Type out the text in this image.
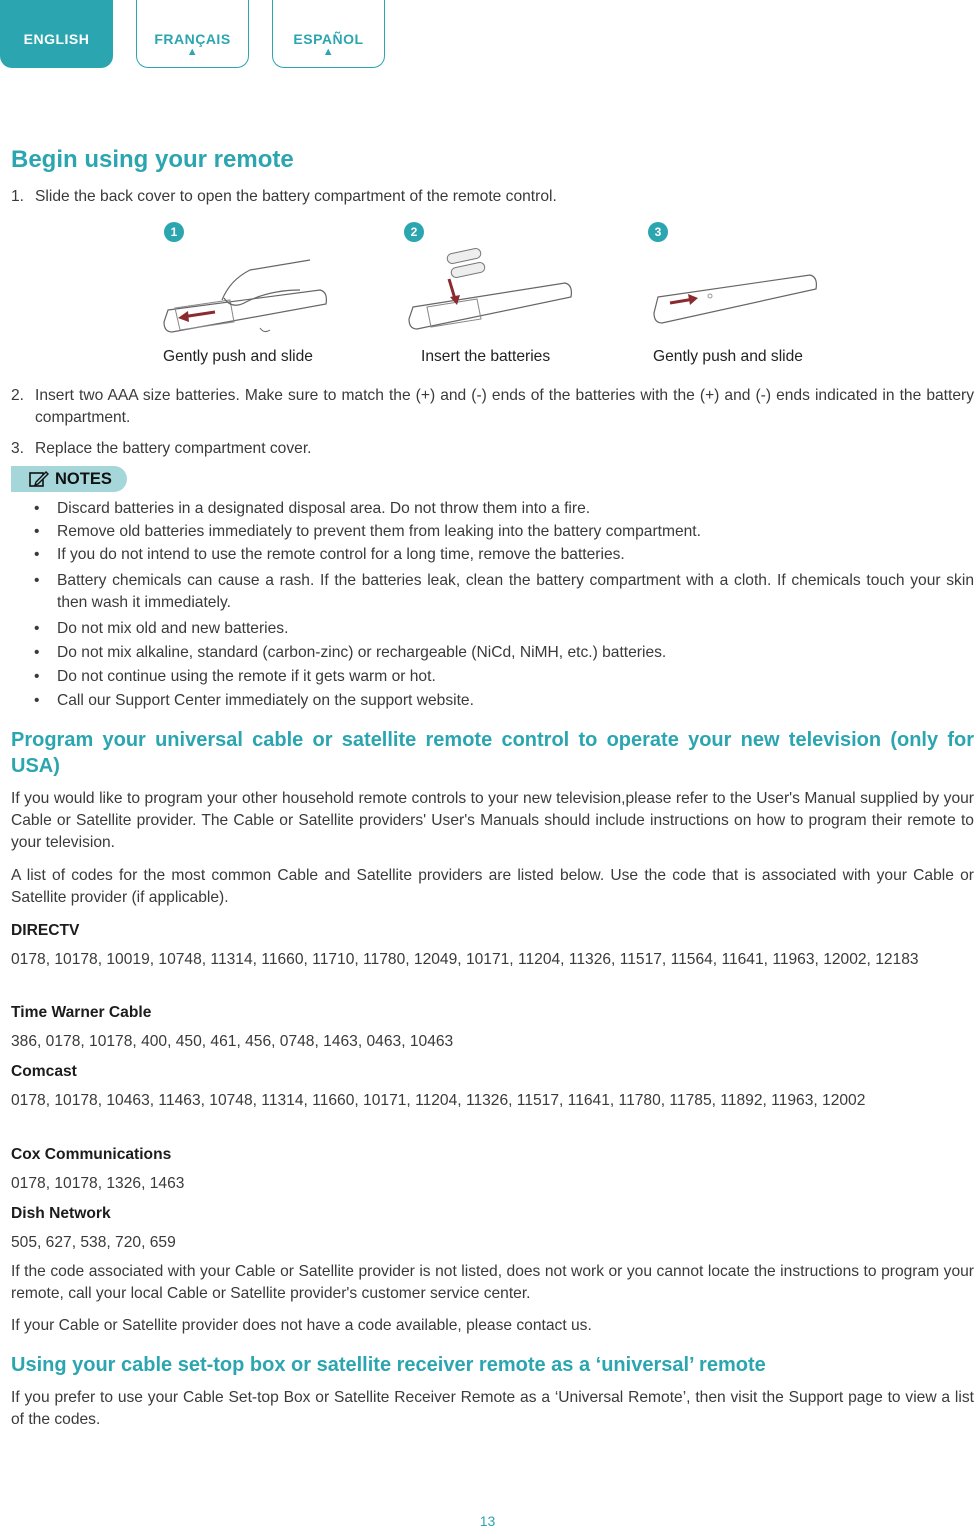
ENGLISH	FRANÇAIS
▲
ESPAÑOL
▲
Begin using your remote
1. Slide the back cover to open the battery compartment of the remote control.

1	2	3
Gently push and slide	Insert the batteries	Gently push and slide
2. Insert two AAA size batteries. Make sure to match the (+) and (-) ends of the batteries with the (+) and (-) ends indicated in the battery compartment.

3. Replace the battery compartment cover.

NOTES
• Discard batteries in a designated disposal area. Do not throw them into a fire.
• Remove old batteries immediately to prevent them from leaking into the battery compartment.
• If you do not intend to use the remote control for a long time, remove the batteries.
• Battery chemicals can cause a rash. If the batteries leak, clean the battery compartment with a cloth. If chemicals touch your skin then wash it immediately.
• Do not mix old and new batteries.
• Do not mix alkaline, standard (carbon-zinc) or rechargeable (NiCd, NiMH, etc.) batteries.
• Do not continue using the remote if it gets warm or hot.
• Call our Support Center immediately on the support website.
Program your universal cable or satellite remote control to operate your new television (only for USA)

If you would like to program your other household remote controls to your new television,please refer to the User's Manual supplied by your Cable or Satellite provider. The Cable or Satellite providers' User's Manuals should include instructions on how to program their remote to your television.

A list of codes for the most common Cable and Satellite providers are listed below. Use the code that is associated with your Cable or Satellite provider (if applicable).

DIRECTV

0178, 10178, 10019, 10748, 11314, 11660, 11710, 11780, 12049, 10171, 11204, 11326, 11517, 11564, 11641, 11963, 12002, 12183

Time Warner Cable

386, 0178, 10178, 400, 450, 461, 456, 0748, 1463, 0463, 10463

Comcast

0178, 10178, 10463, 11463, 10748, 11314, 11660, 10171, 11204, 11326, 11517, 11641, 11780, 11785, 11892, 11963, 12002

Cox Communications

0178, 10178, 1326, 1463

Dish Network

505, 627, 538, 720, 659

If the code associated with your Cable or Satellite provider is not listed, does not work or you cannot locate the instructions to program your remote, call your local Cable or Satellite provider's customer service center.

If your Cable or Satellite provider does not have a code available, please contact us.

Using your cable set-top box or satellite receiver remote as a ‘universal’ remote

If you prefer to use your Cable Set-top Box or Satellite Receiver Remote as a ‘Universal Remote’, then visit the Support page to view a list of the codes.

13
